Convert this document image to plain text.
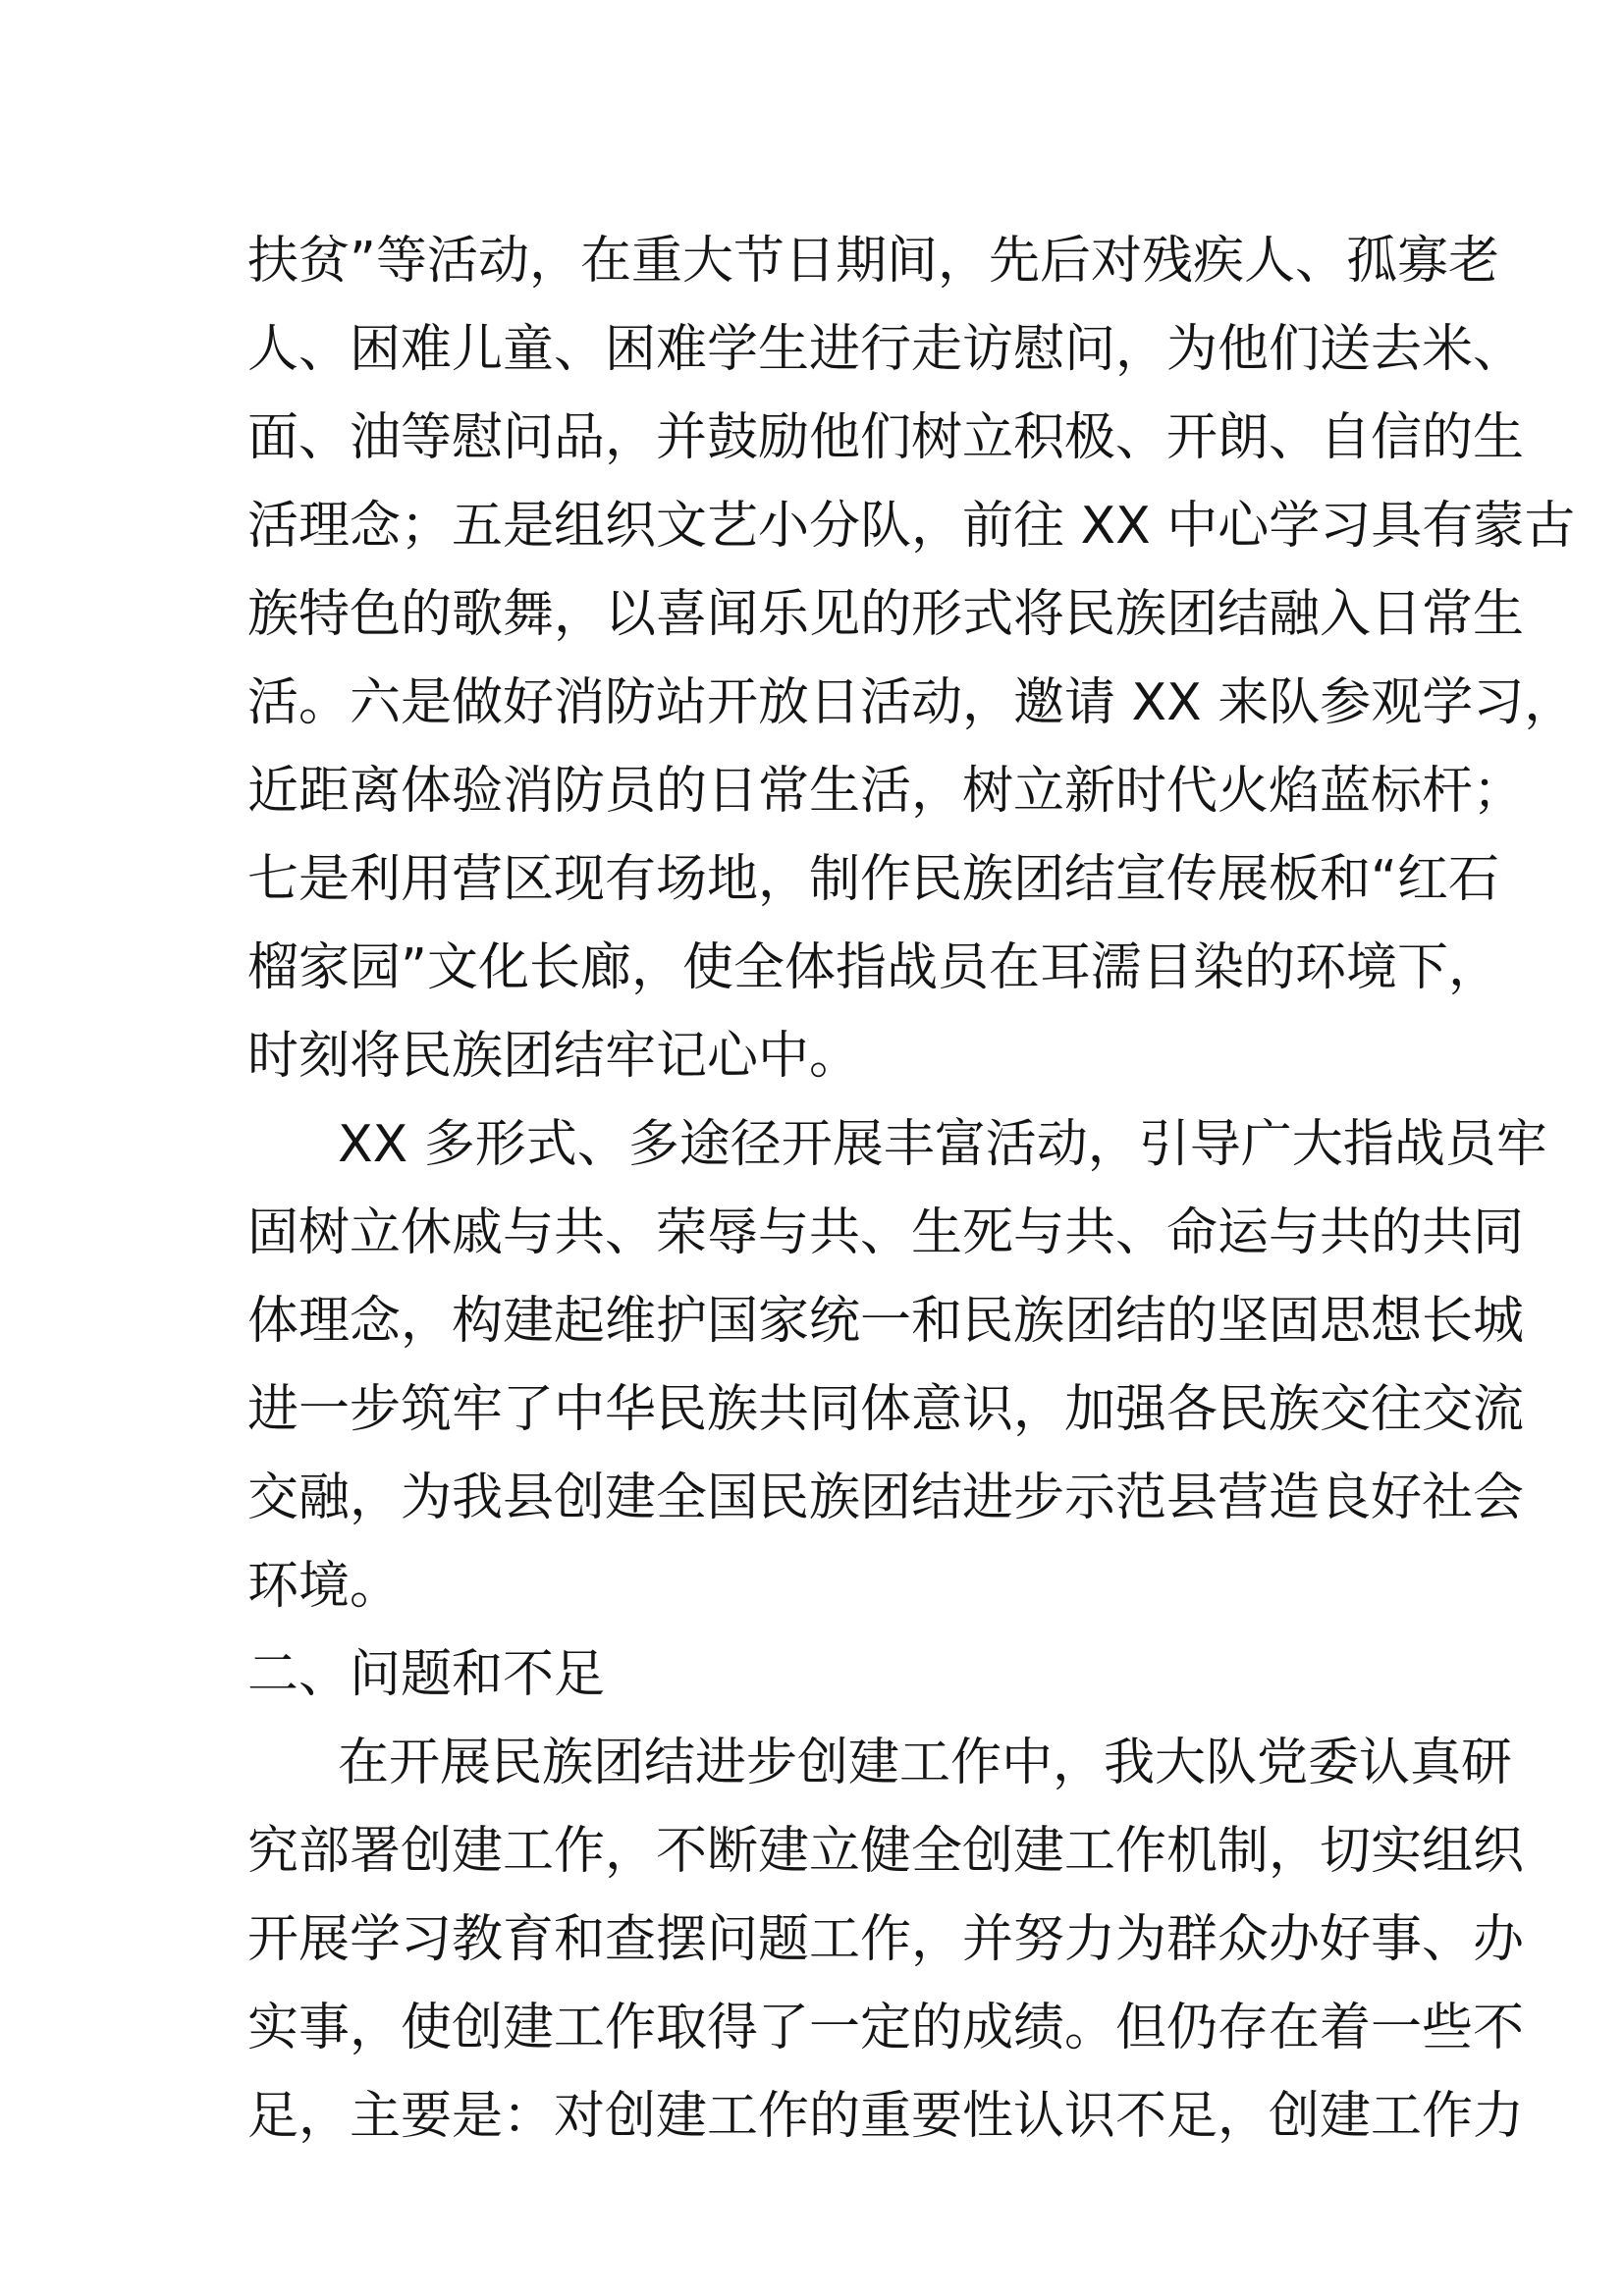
扶贫”等活动，在重大节日期间，先后对残疾人、孤寡老
人、困难儿童、困难学生进行走访慰问，为他们送去米、
面、油等慰问品，并鼓励他们树立积极、开朗、自信的生
活理念；五是组织文艺小分队，前往 XX 中心学习具有蒙古
族特色的歌舞，以喜闻乐见的形式将民族团结融入日常生
活。六是做好消防站开放日活动，邀请 XX 来队参观学习，
近距离体验消防员的日常生活，树立新时代火焰蓝标杆；
七是利用营区现有场地，制作民族团结宣传展板和“红石
榴家园”文化长廊，使全体指战员在耳濡目染的环境下，
时刻将民族团结牢记心中。
XX 多形式、多途径开展丰富活动，引导广大指战员牢
固树立休戚与共、荣辱与共、生死与共、命运与共的共同
体理念，构建起维护国家统一和民族团结的坚固思想长城
进一步筑牢了中华民族共同体意识，加强各民族交往交流
交融，为我县创建全国民族团结进步示范县营造良好社会
环境。
二、问题和不足
在开展民族团结进步创建工作中，我大队党委认真研
究部署创建工作，不断建立健全创建工作机制，切实组织
开展学习教育和查摆问题工作，并努力为群众办好事、办
实事，使创建工作取得了一定的成绩。但仍存在着一些不
足，主要是：对创建工作的重要性认识不足，创建工作力
